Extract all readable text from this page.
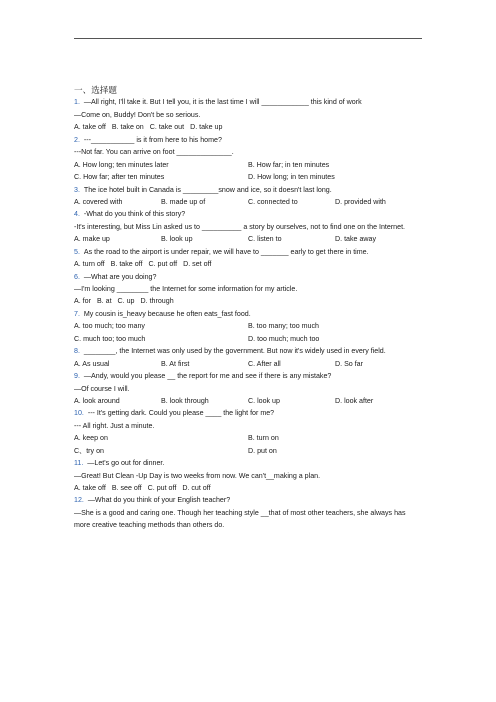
一、选择题
1. —All right, I'll take it. But I tell you, it is the last time I will ____________ this kind of work
—Come on, Buddy! Don't be so serious.
A. take off B. take on C. take out D. take up
2. ---___________ is it from here to his home?
---Not far. You can arrive on foot ______________.
A. How long; ten minutes later	B. How far; in ten minutes
C. How far; after ten minutes	D. How long; in ten minutes
3. The ice hotel built in Canada is _________snow and ice, so it doesn't last long.
A. covered with	B. made up of	C. connected to	D. provided with
4. -What do you think of this story?
-It's interesting, but Miss Lin asked us to __________ a story by ourselves, not to find one on the Internet.
A. make up	B. look up	C. listen to	D. take away
5. As the road to the airport is under repair, we will have to _______ early to get there in time.
A. turn off B. take off C. put off D. set off
6. —What are you doing?
—I'm looking ________ the Internet for some information for my article.
A. for B. at C. up D. through
7. My cousin is_heavy because he often eats_fast food.
A. too much; too many	B. too many; too much
C. much too; too much	D. too much; much too
8. ________, the Internet was only used by the government. But now it's widely used in every field.
A. As usual	B. At first	C. After all	D. So far
9. —Andy, would you please __ the report for me and see if there is any mistake?
—Of course I will.
A. look around	B. look through	C. look up	D. look after
10. --- It's getting dark. Could you please ____ the light for me?
--- All right. Just a minute.
A. keep on	B. turn on
C、try on	D. put on
11. —Let's go out for dinner.
—Great! But Clean -Up Day is two weeks from now. We can't__making a plan.
A. take off B. see off C. put off D. cut off
12. —What do you think of your English teacher?
—She is a good and caring one. Though her teaching style __that of most other teachers, she always has more creative teaching methods than others do.
